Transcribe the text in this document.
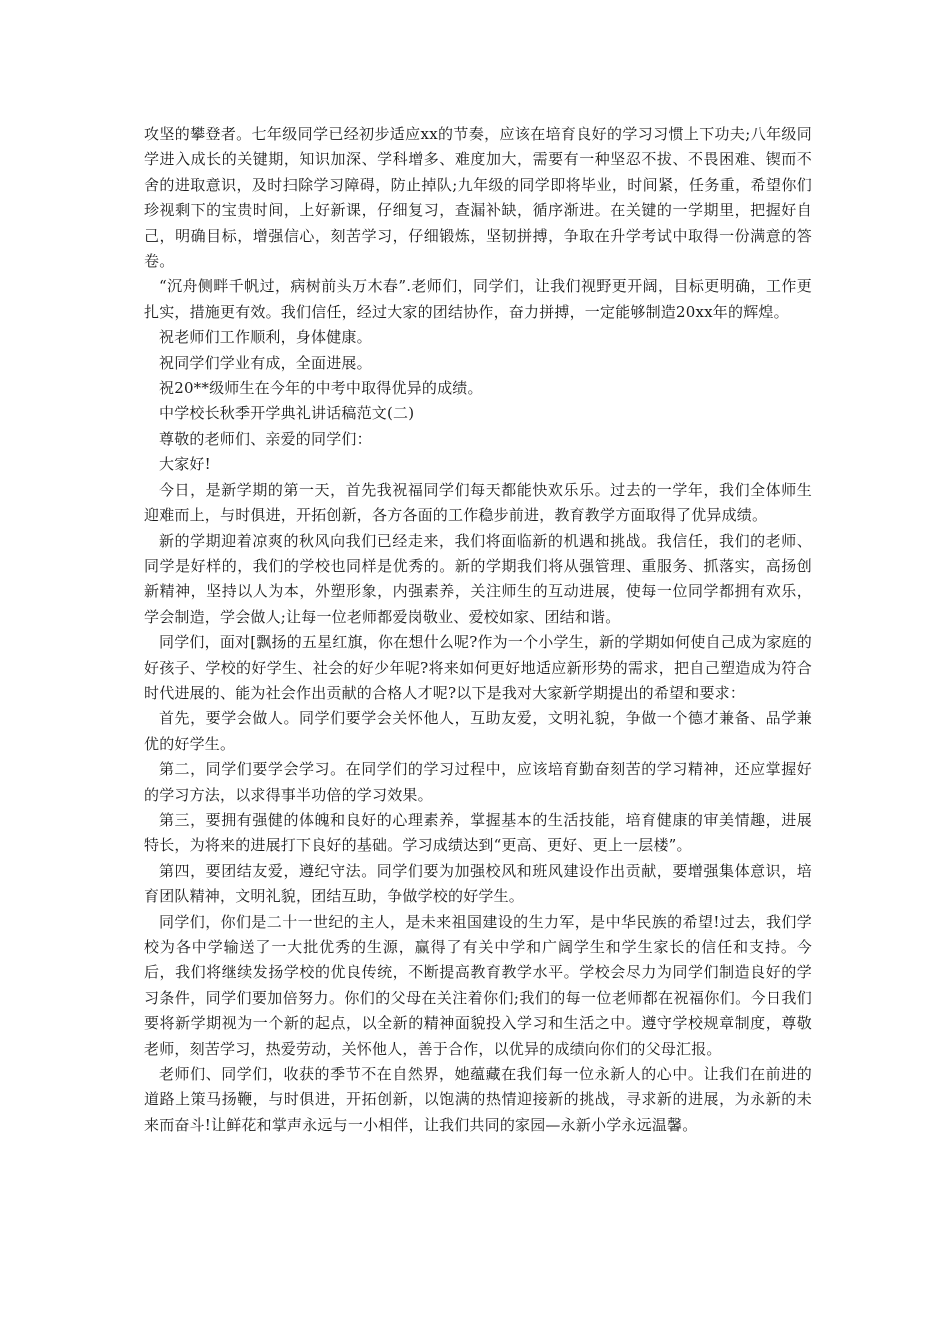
攻坚的攀登者。七年级同学已经初步适应xx的节奏，应该在培育良好的学习习惯上下功夫;八年级同学进入成长的关键期，知识加深、学科增多、难度加大，需要有一种坚忍不拔、不畏困难、锲而不舍的进取意识，及时扫除学习障碍，防止掉队;九年级的同学即将毕业，时间紧，任务重，希望你们珍视剩下的宝贵时间，上好新课，仔细复习，查漏补缺，循序渐进。在关键的一学期里，把握好自己，明确目标，增强信心，刻苦学习，仔细锻炼，坚韧拼搏，争取在升学考试中取得一份满意的答卷。

“沉舟侧畔千帆过，病树前头万木春”.老师们，同学们，让我们视野更开阔，目标更明确，工作更扎实，措施更有效。我们信任，经过大家的团结协作，奋力拼搏，一定能够制造20xx年的辉煌。

祝老师们工作顺利，身体健康。

祝同学们学业有成，全面进展。

祝20**级师生在今年的中考中取得优异的成绩。

中学校长秋季开学典礼讲话稿范文(二)

尊敬的老师们、亲爱的同学们：

大家好!

今日，是新学期的第一天，首先我祝福同学们每天都能快欢乐乐。过去的一学年，我们全体师生迎难而上，与时俱进，开拓创新，各方各面的工作稳步前进，教育教学方面取得了优异成绩。

新的学期迎着凉爽的秋风向我们已经走来，我们将面临新的机遇和挑战。我信任，我们的老师、同学是好样的，我们的学校也同样是优秀的。新的学期我们将从强管理、重服务、抓落实，高扬创新精神，坚持以人为本，外塑形象，内强素养，关注师生的互动进展，使每一位同学都拥有欢乐，学会制造，学会做人;让每一位老师都爱岗敬业、爱校如家、团结和谐。

同学们，面对[飘扬的五星红旗，你在想什么呢?作为一个小学生，新的学期如何使自己成为家庭的好孩子、学校的好学生、社会的好少年呢?将来如何更好地适应新形势的需求，把自己塑造成为符合时代进展的、能为社会作出贡献的合格人才呢?以下是我对大家新学期提出的希望和要求：

首先，要学会做人。同学们要学会关怀他人，互助友爱，文明礼貌，争做一个德才兼备、品学兼优的好学生。

第二，同学们要学会学习。在同学们的学习过程中，应该培育勤奋刻苦的学习精神，还应掌握好的学习方法，以求得事半功倍的学习效果。

第三，要拥有强健的体魄和良好的心理素养，掌握基本的生活技能，培育健康的审美情趣，进展特长，为将来的进展打下良好的基础。学习成绩达到“更高、更好、更上一层楼”。

第四，要团结友爱，遵纪守法。同学们要为加强校风和班风建设作出贡献，要增强集体意识，培育团队精神，文明礼貌，团结互助，争做学校的好学生。

同学们，你们是二十一世纪的主人，是未来祖国建设的生力军，是中华民族的希望!过去，我们学校为各中学输送了一大批优秀的生源，赢得了有关中学和广阔学生和学生家长的信任和支持。今后，我们将继续发扬学校的优良传统，不断提高教育教学水平。学校会尽力为同学们制造良好的学习条件，同学们要加倍努力。你们的父母在关注着你们;我们的每一位老师都在祝福你们。今日我们要将新学期视为一个新的起点，以全新的精神面貌投入学习和生活之中。遵守学校规章制度，尊敬老师，刻苦学习，热爱劳动，关怀他人，善于合作，以优异的成绩向你们的父母汇报。

老师们、同学们，收获的季节不在自然界，她蕴藏在我们每一位永新人的心中。让我们在前进的道路上策马扬鞭，与时俱进，开拓创新，以饱满的热情迎接新的挑战，寻求新的进展，为永新的未来而奋斗!让鲜花和掌声永远与一小相伴，让我们共同的家园—永新小学永远温馨。
